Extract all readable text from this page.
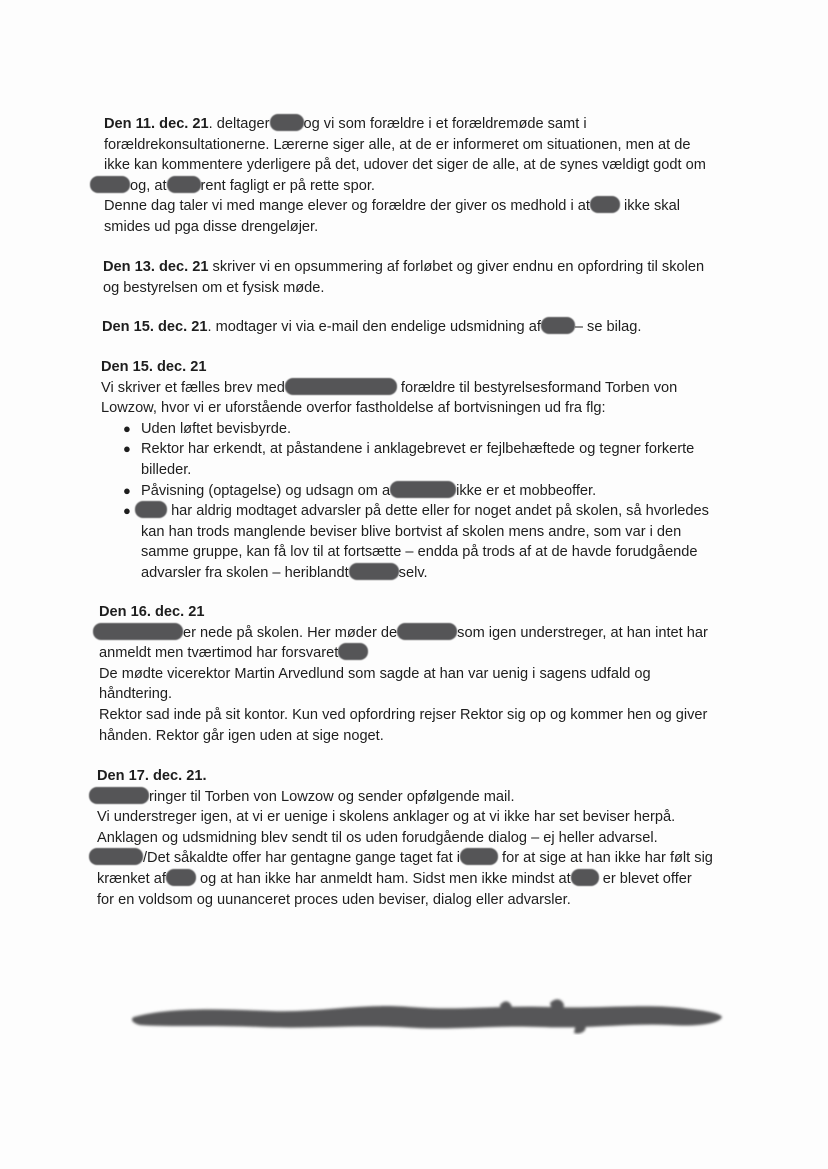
Den 11. dec. 21. deltager og vi som forældre i et forældremøde samt i
forældrekonsultationerne. Lærerne siger alle, at de er informeret om situationen, men at de
ikke kan kommentere yderligere på det, udover det siger de alle, at de synes vældigt godt om
og, at rent fagligt er på rette spor.
Denne dag taler vi med mange elever og forældre der giver os medhold i at ikke skal
smides ud pga disse drengeløjer.
Den 13. dec. 21 skriver vi en opsummering af forløbet og giver endnu en opfordring til skolen
og bestyrelsen om et fysisk møde.
Den 15. dec. 21. modtager vi via e-mail den endelige udsmidning af – se bilag.
Den 15. dec. 21
Vi skriver et fælles brev med	forældre til bestyrelsesformand Torben von
Lowzow, hvor vi er uforstående overfor fastholdelse af bortvisningen ud fra flg:
● Uden løftet bevisbyrde.
● Rektor har erkendt, at påstandene i anklagebrevet er fejlbehæftede og tegner forkerte
billeder.
● Påvisning (optagelse) og udsagn om a	ikke er et mobbeoffer.
●	har aldrig modtaget advarsler på dette eller for noget andet på skolen, så hvorledes
kan han trods manglende beviser blive bortvist af skolen mens andre, som var i den
samme gruppe, kan få lov til at fortsætte – endda på trods af at de havde forudgående
advarsler fra skolen – heriblandt	selv.
Den 16. dec. 21
er nede på skolen. Her møder de	som igen understreger, at han intet har
anmeldt men tværtimod har forsvaret
De mødte vicerektor Martin Arvedlund som sagde at han var uenig i sagens udfald og
håndtering.
Rektor sad inde på sit kontor. Kun ved opfordring rejser Rektor sig op og kommer hen og giver
hånden. Rektor går igen uden at sige noget.
Den 17. dec. 21.
ringer til Torben von Lowzow og sender opfølgende mail.
Vi understreger igen, at vi er uenige i skolens anklager og at vi ikke har set beviser herpå.
Anklagen og udsmidning blev sendt til os uden forudgående dialog – ej heller advarsel.
/Det såkaldte offer har gentagne gange taget fat i	for at sige at han ikke har følt sig
krænket af og at han ikke har anmeldt ham. Sidst men ikke mindst at er blevet offer
for en voldsom og uunanceret proces uden beviser, dialog eller advarsler.
